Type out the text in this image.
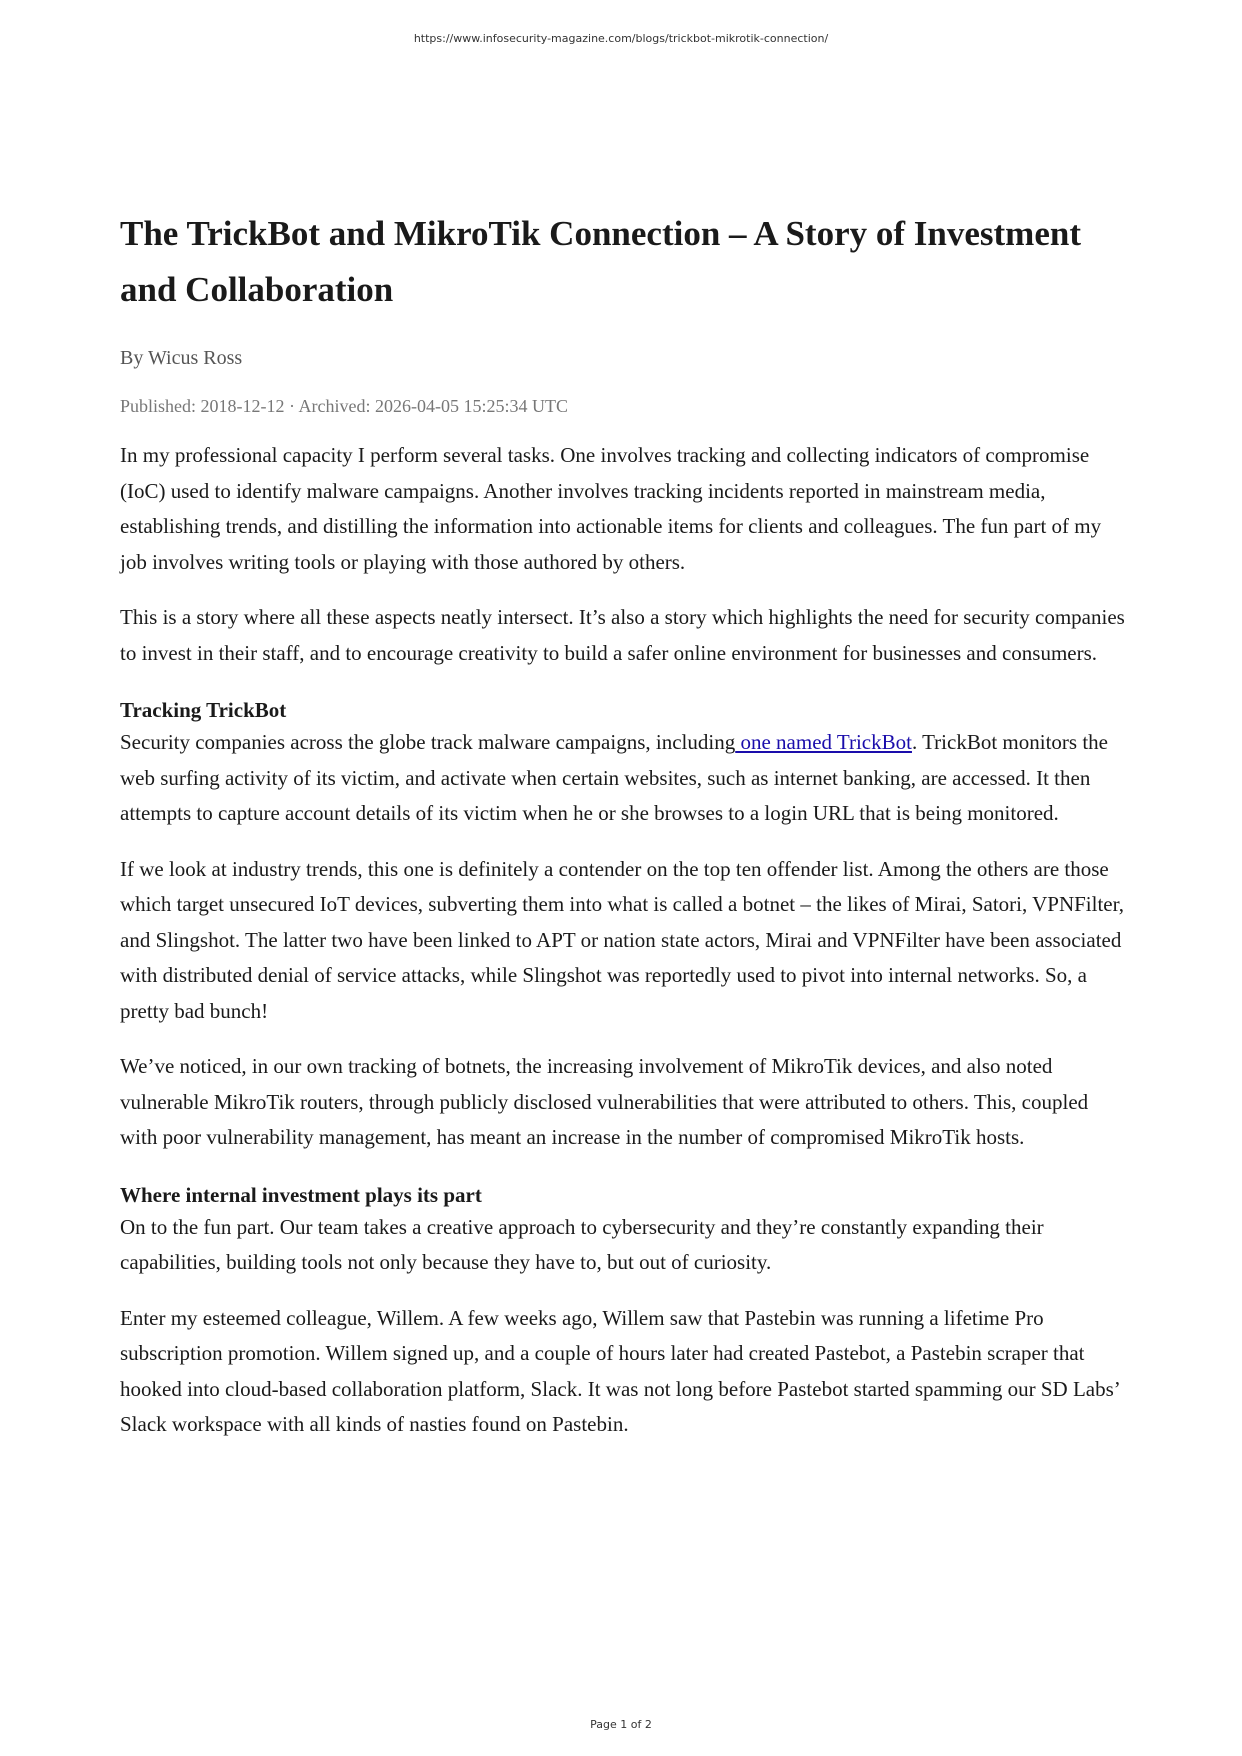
https://www.infosecurity-magazine.com/blogs/trickbot-mikrotik-connection/
The TrickBot and MikroTik Connection – A Story of Investment and Collaboration
By Wicus Ross
Published: 2018-12-12 · Archived: 2026-04-05 15:25:34 UTC

In my professional capacity I perform several tasks. One involves tracking and collecting indicators of compromise (IoC) used to identify malware campaigns. Another involves tracking incidents reported in mainstream media, establishing trends, and distilling the information into actionable items for clients and colleagues. The fun part of my job involves writing tools or playing with those authored by others.

This is a story where all these aspects neatly intersect. It’s also a story which highlights the need for security companies to invest in their staff, and to encourage creativity to build a safer online environment for businesses and consumers.

Tracking TrickBot

Security companies across the globe track malware campaigns, including one named TrickBot. TrickBot monitors the web surfing activity of its victim, and activate when certain websites, such as internet banking, are accessed. It then attempts to capture account details of its victim when he or she browses to a login URL that is being monitored.

If we look at industry trends, this one is definitely a contender on the top ten offender list. Among the others are those which target unsecured IoT devices, subverting them into what is called a botnet – the likes of Mirai, Satori, VPNFilter, and Slingshot. The latter two have been linked to APT or nation state actors, Mirai and VPNFilter have been associated with distributed denial of service attacks, while Slingshot was reportedly used to pivot into internal networks. So, a pretty bad bunch!

We’ve noticed, in our own tracking of botnets, the increasing involvement of MikroTik devices, and also noted vulnerable MikroTik routers, through publicly disclosed vulnerabilities that were attributed to others. This, coupled with poor vulnerability management, has meant an increase in the number of compromised MikroTik hosts.

Where internal investment plays its part

On to the fun part. Our team takes a creative approach to cybersecurity and they’re constantly expanding their capabilities, building tools not only because they have to, but out of curiosity.

Enter my esteemed colleague, Willem. A few weeks ago, Willem saw that Pastebin was running a lifetime Pro subscription promotion. Willem signed up, and a couple of hours later had created Pastebot, a Pastebin scraper that hooked into cloud-based collaboration platform, Slack. It was not long before Pastebot started spamming our SD Labs’ Slack workspace with all kinds of nasties found on Pastebin.

Page 1 of 2
